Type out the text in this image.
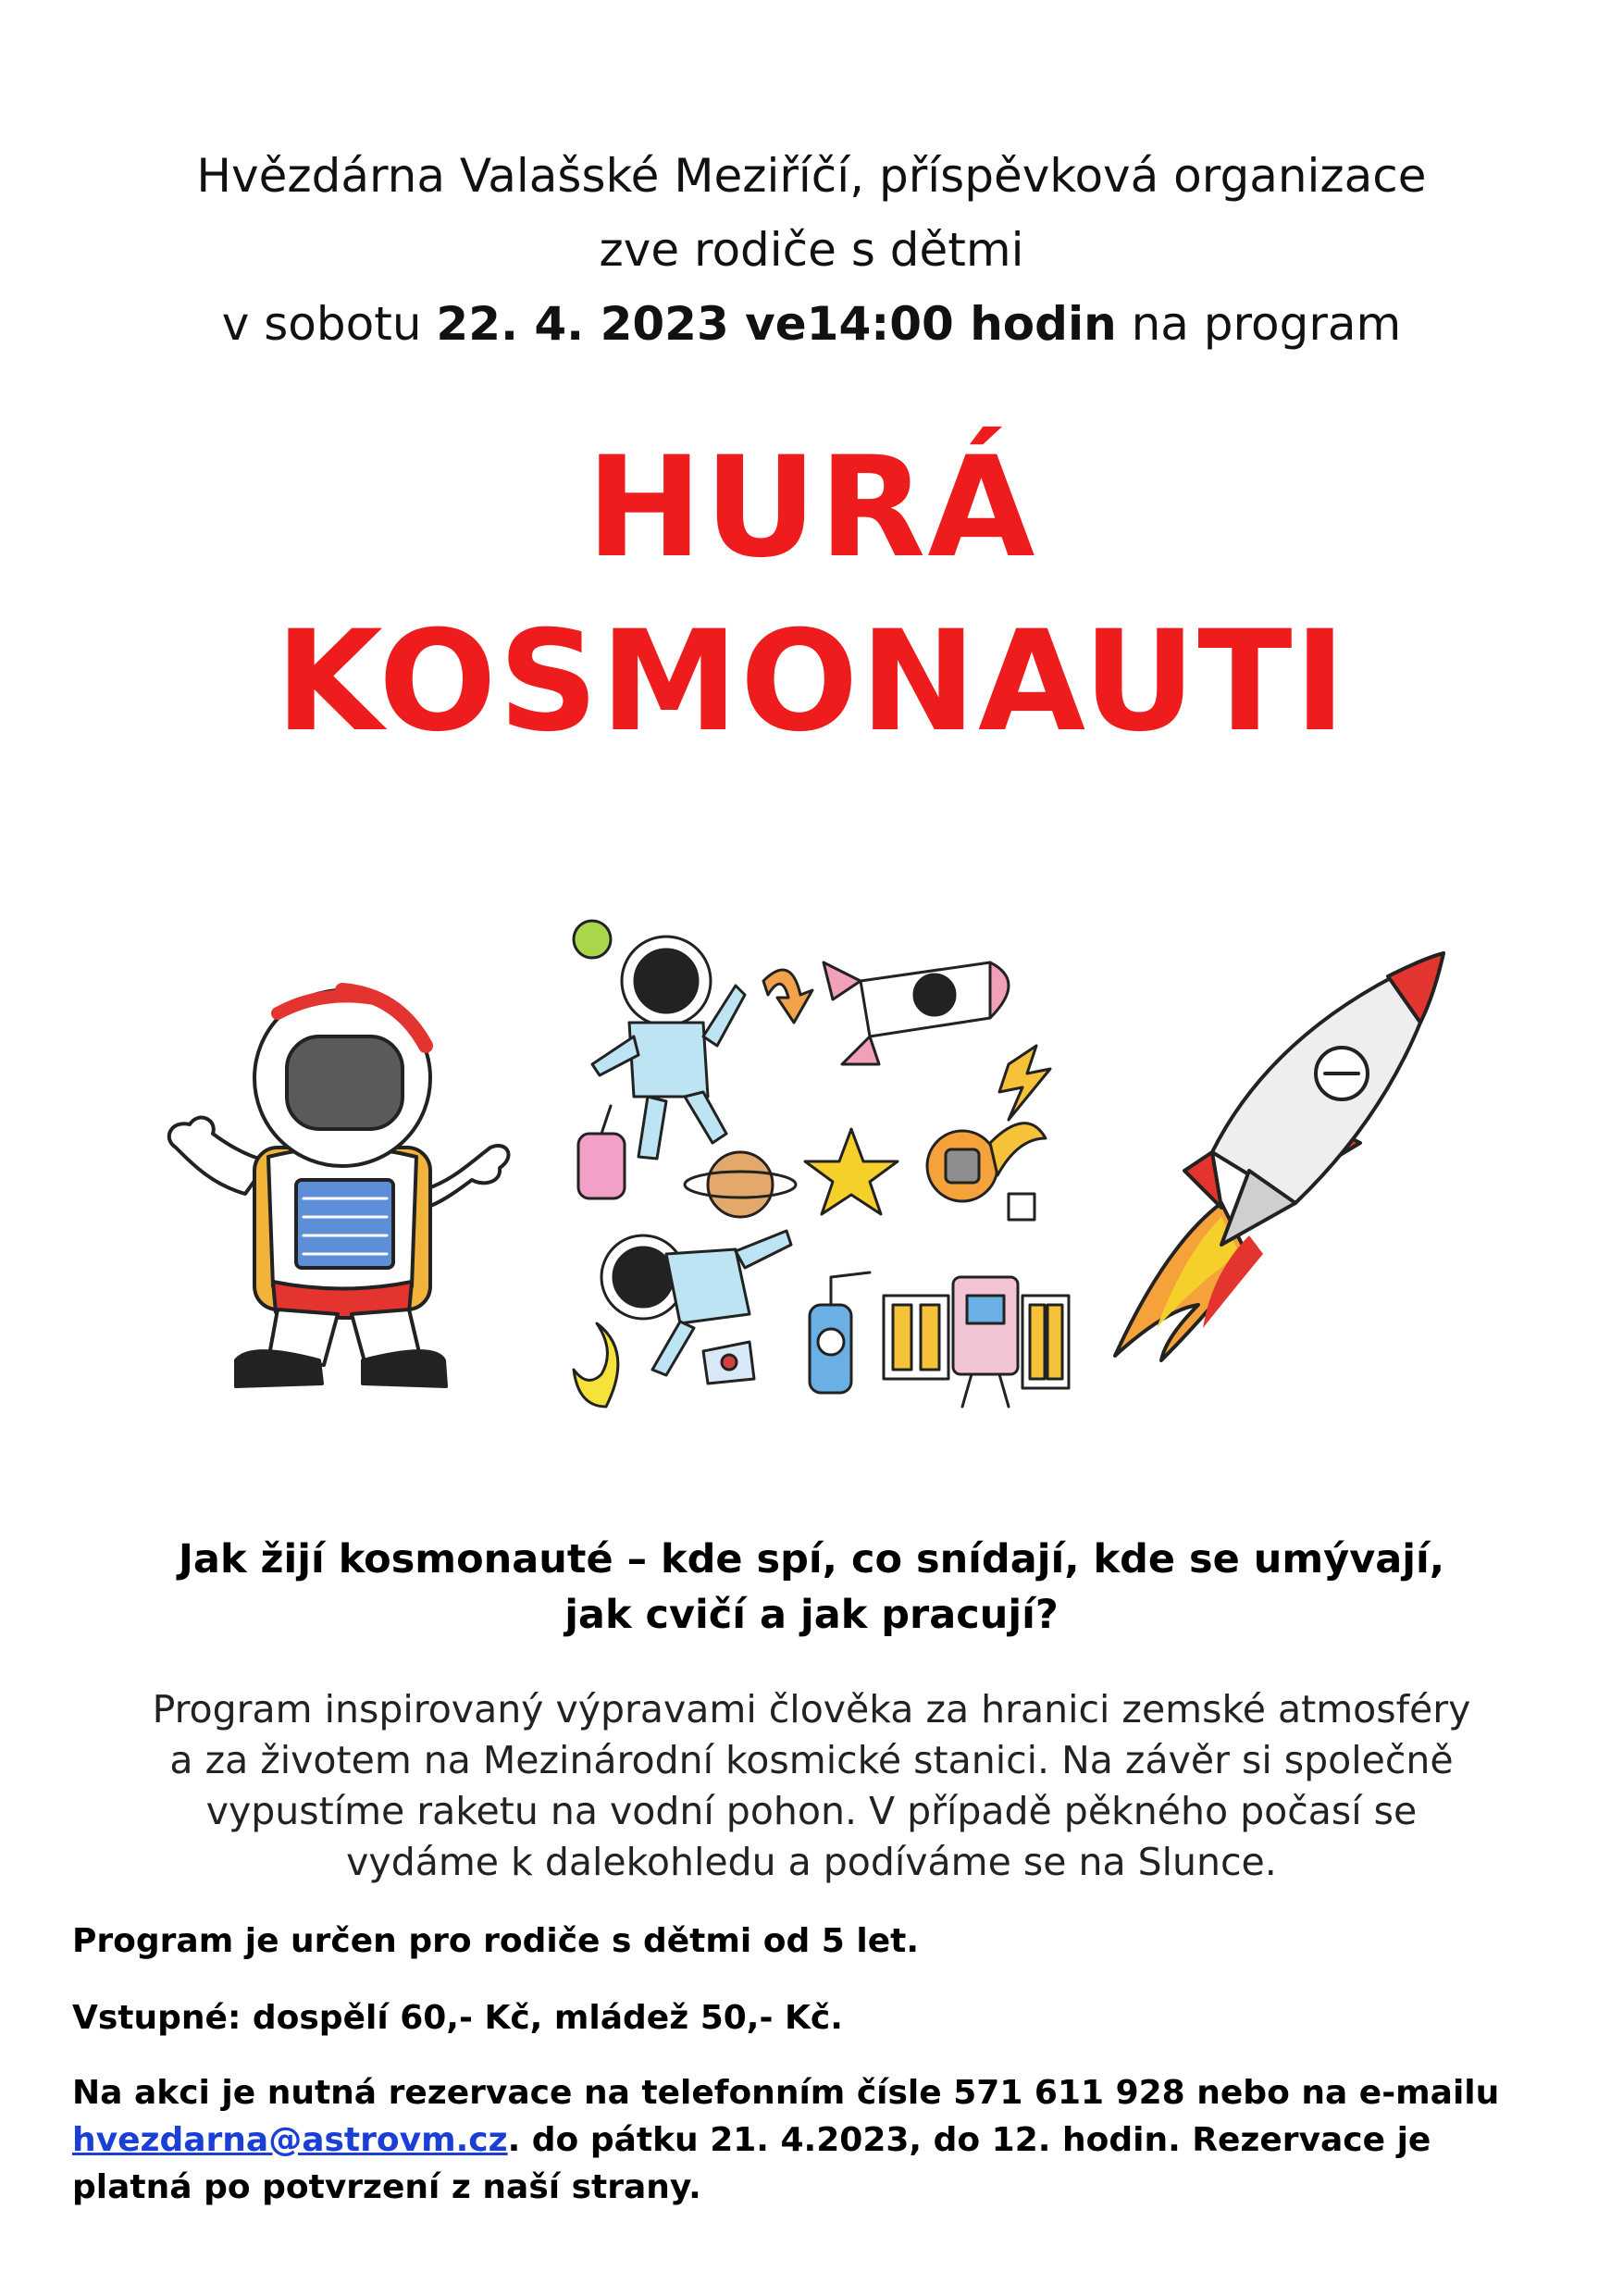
Hvězdárna Valašské Meziříčí, příspěvková organizace
zve rodiče s dětmi
v sobotu 22. 4. 2023 ve14:00 hodin na program
HURÁ
KOSMONAUTI
Jak žijí kosmonauté – kde spí, co snídají, kde se umývají,
jak cvičí a jak pracují?
Program inspirovaný výpravami člověka za hranici zemské atmosféry
a za životem na Mezinárodní kosmické stanici. Na závěr si společně
vypustíme raketu na vodní pohon. V případě pěkného počasí se
vydáme k dalekohledu a podíváme se na Slunce.
Program je určen pro rodiče s dětmi od 5 let.
Vstupné: dospělí 60,- Kč, mládež 50,- Kč.
Na akci je nutná rezervace na telefonním čísle 571 611 928 nebo na e-mailu
hvezdarna@astrovm.cz. do pátku 21. 4.2023, do 12. hodin. Rezervace je
platná po potvrzení z naší strany.
